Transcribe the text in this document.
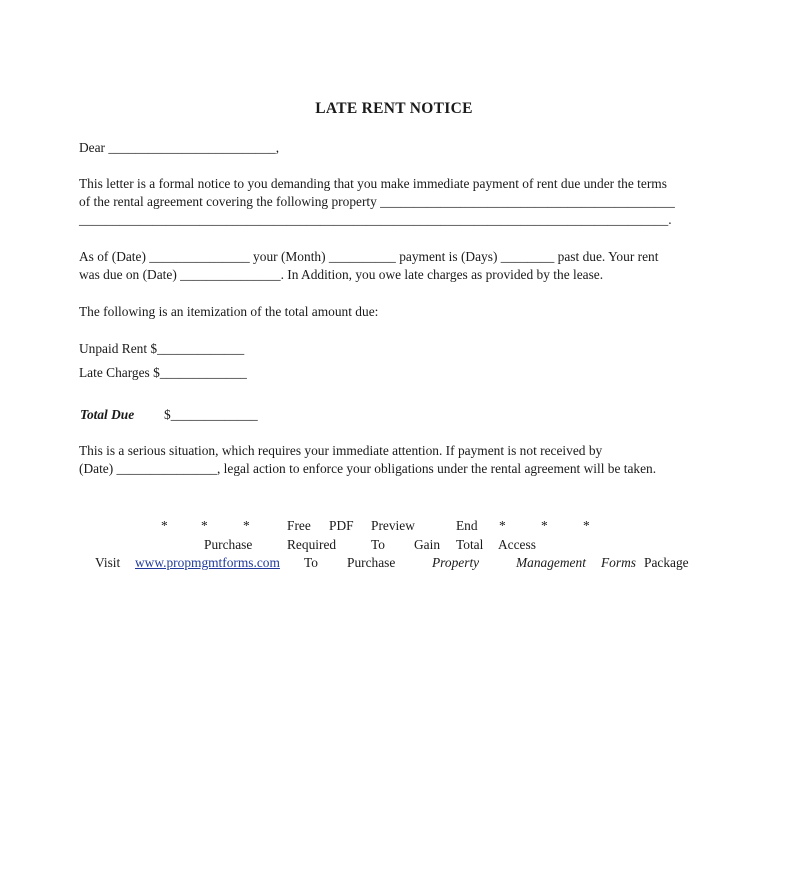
LATE RENT NOTICE
Dear _________________________,
This letter is a formal notice to you demanding that you make immediate payment of rent due under the terms
of the rental agreement covering the following property ____________________________________________
________________________________________________________________________________________.
As of (Date) _______________ your (Month) __________ payment is (Days) ________ past due. Your rent
was due on (Date) _______________. In Addition, you owe late charges as provided by the lease.
The following is an itemization of the total amount due:
Unpaid Rent $_____________
Late Charges $_____________
Total Due $_____________
This is a serious situation, which requires your immediate attention. If payment is not received by
(Date) _______________, legal action to enforce your obligations under the rental agreement will be taken.
* *	*	Free PDF Preview	End *	*	*
Purchase	Required	To Gain Total Access
Visit www.propmgmtforms.com To Purchase	Property	Management Forms Package
